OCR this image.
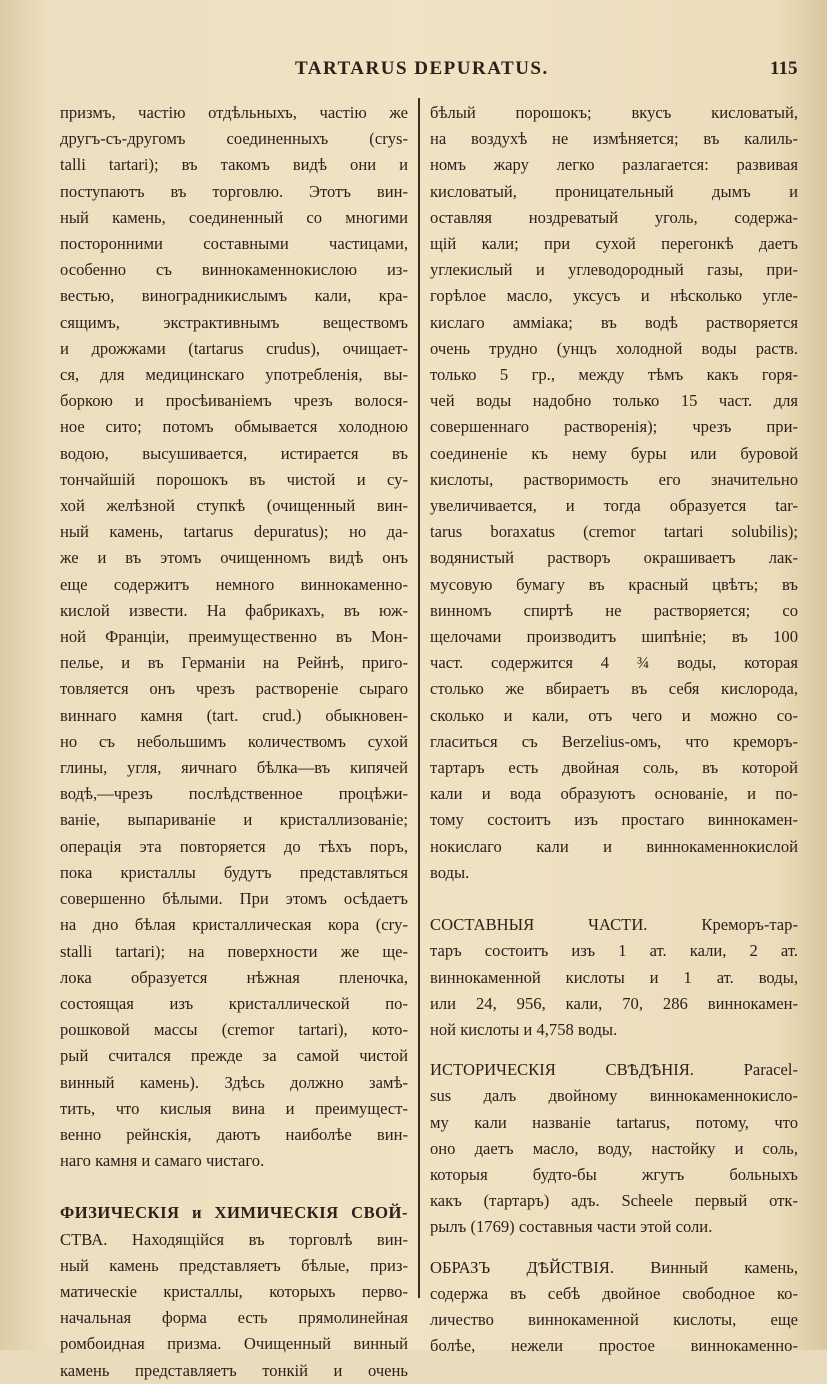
TARTARUS DEPURATUS.	115
призмъ, частію отдѣльныхъ, частію же
другъ-съ-другомъ соединенныхъ (crys-
talli tartari); въ такомъ видѣ они и
поступаютъ въ торговлю. Этотъ вин-
ный камень, соединенный со многими
посторонними составными частицами,
особенно съ виннокаменнокислою из-
вестью, виноградникислымъ кали, кра-
сящимъ, экстрактивнымъ веществомъ
и дрожжами (tartarus crudus), очищает-
ся, для медицинскаго употребленія, вы-
боркою и просѣиваніемъ чрезъ волося-
ное сито; потомъ обмывается холодною
водою, высушивается, истирается въ
тончайшій порошокъ въ чистой и су-
хой желѣзной ступкѣ (очищенный вин-
ный камень, tartarus depuratus); но да-
же и въ этомъ очищенномъ видѣ онъ
еще содержитъ немного виннокаменно-
кислой извести. На фабрикахъ, въ юж-
ной Франціи, преимущественно въ Мон-
пелье, и въ Германіи на Рейнѣ, приго-
товляется онъ чрезъ раствореніе сыраго
виннаго камня (tart. crud.) обыкновен-
но съ небольшимъ количествомъ сухой
глины, угля, яичнаго бѣлка—въ кипячей
водѣ,—чрезъ послѣдственное процѣжи-
ваніе, выпариваніе и кристаллизованіе;
операція эта повторяется до тѣхъ поръ,
пока кристаллы будутъ представляться
совершенно бѣлыми. При этомъ осѣдаетъ
на дно бѣлая кристаллическая кора (cry-
stalli tartari); на поверхности же ще-
лока образуется нѣжная пленочка,
состоящая изъ кристаллической по-
рошковой массы (cremor tartari), кото-
рый считался прежде за самой чистой
винный камень). Здѣсь должно замѣ-
тить, что кислыя вина и преимущест-
венно рейнскія, даютъ наиболѣе вин-
наго камня и самаго чистаго.
ФИЗИЧЕСКІЯ и ХИМИЧЕСКІЯ СВОЙ-
СТВА. Находящійся въ торговлѣ вин-
ный камень представляетъ бѣлые, приз-
матическіе кристаллы, которыхъ перво-
начальная форма есть прямолинейная
ромбоидная призма. Очищенный винный
камень представляетъ тонкій и очень
бѣлый порошокъ; вкусъ кисловатый,
на воздухѣ не измѣняется; въ калиль-
номъ жару легко разлагается: развивая
кисловатый, проницательный дымъ и
оставляя ноздреватый уголь, содержа-
щій кали; при сухой перегонкѣ даетъ
углекислый и углеводородный газы, при-
горѣлое масло, уксусъ и нѣсколько угле-
кислаго аммiака; въ водѣ растворяется
очень трудно (унцъ холодной воды раств.
только 5 гр., между тѣмъ какъ горя-
чей воды надобно только 15 част. для
совершеннаго растворенія); чрезъ при-
соединеніе къ нему буры или буровой
кислоты, растворимость его значительно
увеличивается, и тогда образуется tar-
tarus boraxatus (cremor tartari solubilis);
водянистый растворъ окрашиваетъ лак-
мусовую бумагу въ красный цвѣтъ; въ
винномъ спиртѣ не растворяется; со
щелочами производитъ шипѣніе; въ 100
част. содержится 4 ¾ воды, которая
столько же вбираетъ въ себя кислорода,
сколько и кали, отъ чего и можно со-
гласиться съ Berzelius-омъ, что креморъ-
тартаръ есть двойная соль, въ которой
кали и вода образуютъ основаніе, и по-
тому состоитъ изъ простаго виннокамен-
нокислаго кали и виннокаменнокислой
воды.
СОСТАВНЫЯ ЧАСТИ. Креморъ-тар-
таръ состоитъ изъ 1 ат. кали, 2 ат.
виннокаменной кислоты и 1 ат. воды,
или 24, 956, кали, 70, 286 виннокамен-
ной кислоты и 4,758 воды.
ИСТОРИЧЕСКІЯ СВѢДѢНІЯ. Paracel-
sus далъ двойному виннокаменнокисло-
му кали названіе tartarus, потому, что
оно даетъ масло, воду, настойку и соль,
которыя будто-бы жгутъ больныхъ
какъ (тартаръ) адъ. Scheele первый отк-
рылъ (1769) составныя части этой соли.
ОБРАЗЪ ДѢЙСТВІЯ. Винный камень,
содержа въ себѣ двойное свободное ко-
личество виннокаменной кислоты, еще
болѣе, нежели простое виннокаменно-
